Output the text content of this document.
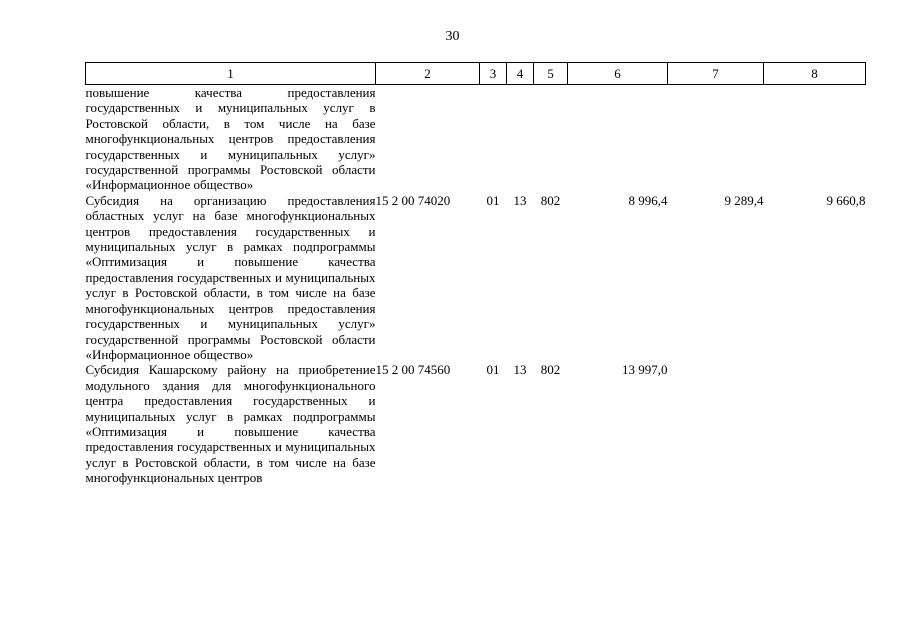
30
1	2	3	4	5	6	7	8

повышение качества предоставления государственных и муниципальных услуг в Ростовской области, в том числе на базе многофункциональных центров предоставления государственных и муниципальных услуг» государственной программы Ростовской области «Информационное общество»							

Субсидия на организацию предоставления областных услуг на базе многофункциональных центров предоставления государственных и муниципальных услуг в рамках подпрограммы «Оптимизация и повышение качества предоставления государственных и муниципальных услуг в Ростовской области, в том числе на базе многофункциональных центров предоставления государственных и муниципальных услуг» государственной программы Ростовской области «Информационное общество»	15 2 00 74020	01	13	802	8 996,4	9 289,4	9 660,8

Субсидия Кашарскому району на приобретение модульного здания для многофункционального центра предоставления государственных и муниципальных услуг в рамках подпрограммы «Оптимизация и повышение качества предоставления государственных и муниципальных услуг в Ростовской области, в том числе на базе многофункциональных центров	15 2 00 74560	01	13	802	13 997,0		
